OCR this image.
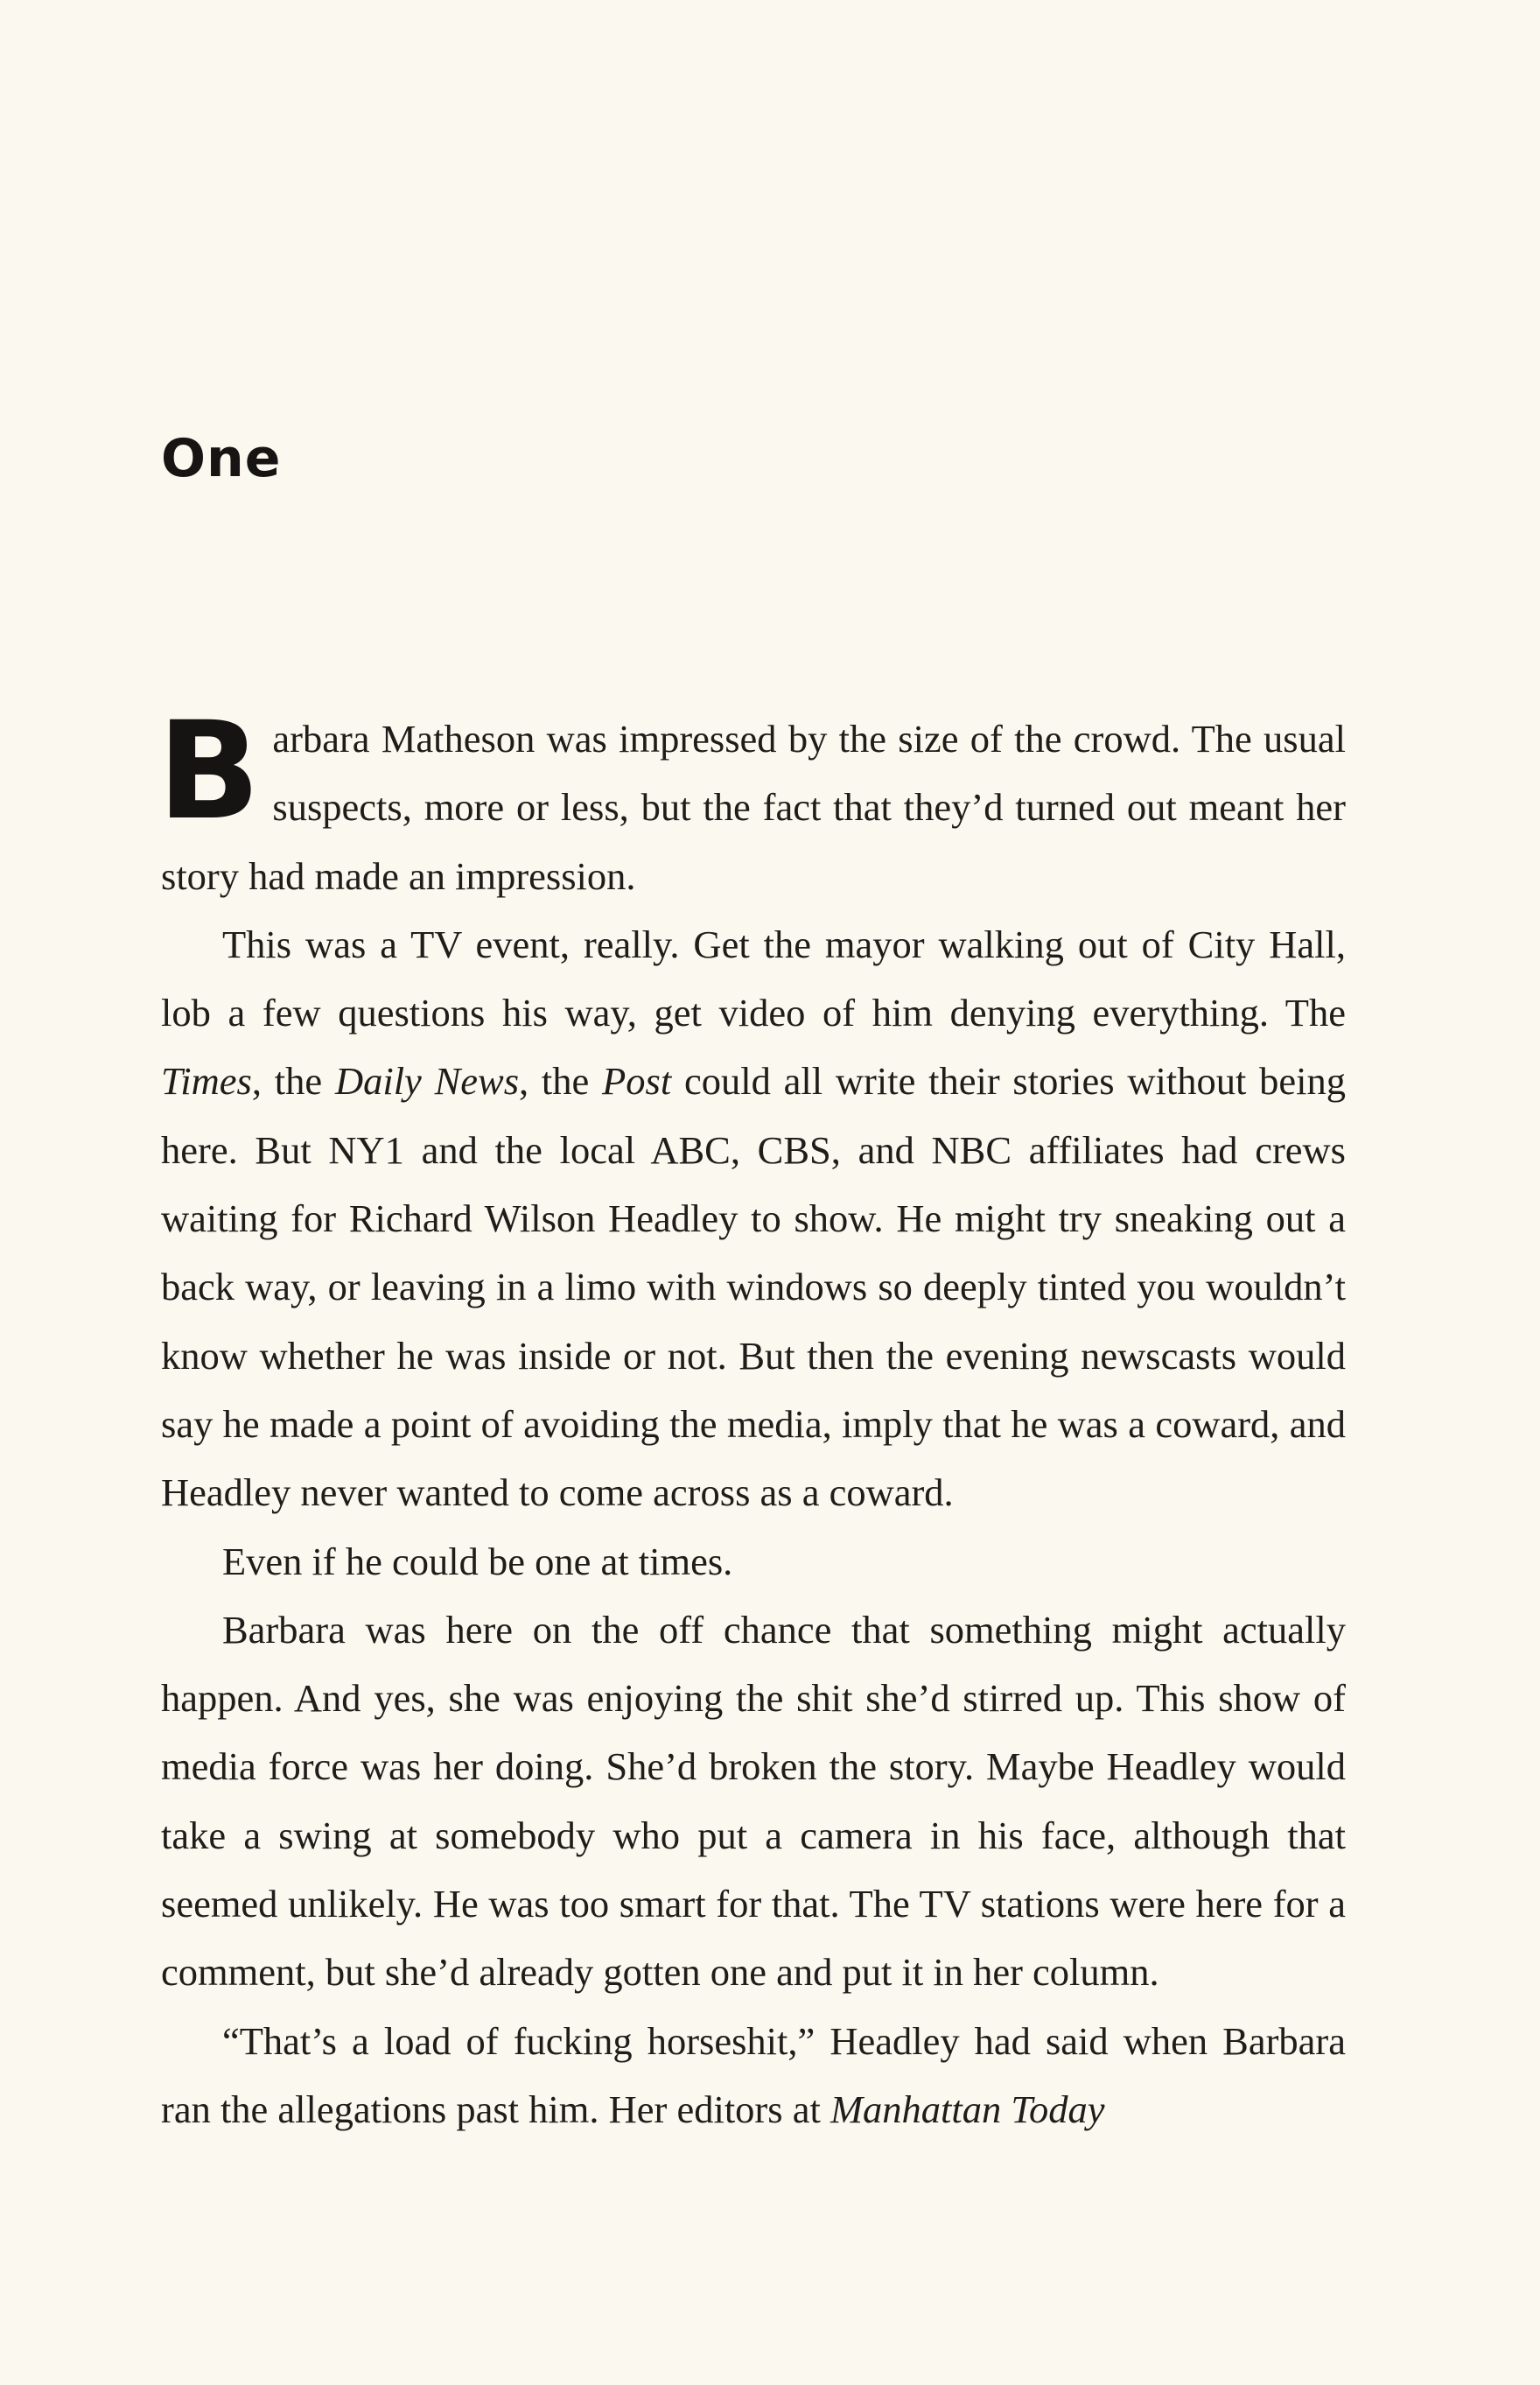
One

Barbara Matheson was impressed by the size of the crowd. The usual suspects, more or less, but the fact that they’d turned out meant her story had made an impression.

This was a TV event, really. Get the mayor walking out of City Hall, lob a few questions his way, get video of him denying everything. The Times, the Daily News, the Post could all write their stories without being here. But NY1 and the local ABC, CBS, and NBC affiliates had crews waiting for Richard Wilson Headley to show. He might try sneaking out a back way, or leaving in a limo with windows so deeply tinted you wouldn’t know whether he was inside or not. But then the evening newscasts would say he made a point of avoiding the media, imply that he was a coward, and Headley never wanted to come across as a coward.

Even if he could be one at times.

Barbara was here on the off chance that something might actually happen. And yes, she was enjoying the shit she’d stirred up. This show of media force was her doing. She’d broken the story. Maybe Headley would take a swing at somebody who put a camera in his face, although that seemed unlikely. He was too smart for that. The TV stations were here for a comment, but she’d already gotten one and put it in her column.

“That’s a load of fucking horseshit,” Headley had said when Barbara ran the allegations past him. Her editors at Manhattan Today
